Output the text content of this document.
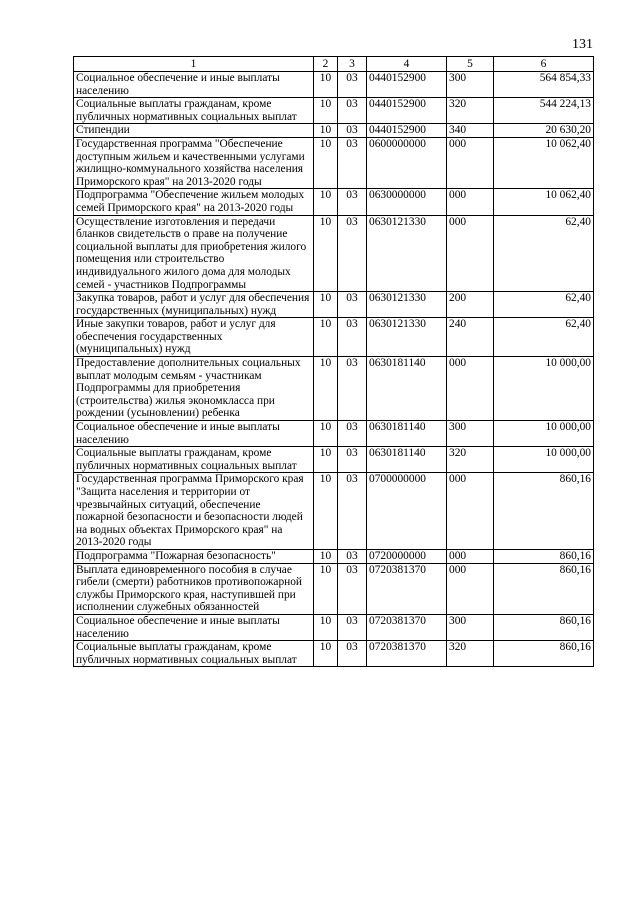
131
1	2	3	4	5	6
Социальное обеспечение и иные выплаты населению	10	03	0440152900	300	564 854,33
Социальные выплаты гражданам, кроме публичных нормативных социальных выплат	10	03	0440152900	320	544 224,13
Стипендии	10	03	0440152900	340	20 630,20
Государственная программа "Обеспечение доступным жильем и качественными услугами жилищно-коммунального хозяйства населения Приморского края" на 2013-2020 годы	10	03	0600000000	000	10 062,40
Подпрограмма "Обеспечение жильем молодых семей Приморского края" на 2013-2020 годы	10	03	0630000000	000	10 062,40
Осуществление изготовления и передачи бланков свидетельств о праве на получение социальной выплаты для приобретения жилого помещения или строительство индивидуального жилого дома для молодых семей - участников Подпрограммы	10	03	0630121330	000	62,40
Закупка товаров, работ и услуг для обеспечения государственных (муниципальных) нужд	10	03	0630121330	200	62,40
Иные закупки товаров, работ и услуг для обеспечения государственных (муниципальных) нужд	10	03	0630121330	240	62,40
Предоставление дополнительных социальных выплат молодым семьям - участникам Подпрограммы для приобретения (строительства) жилья экономкласса при рождении (усыновлении) ребенка	10	03	0630181140	000	10 000,00
Социальное обеспечение и иные выплаты населению	10	03	0630181140	300	10 000,00
Социальные выплаты гражданам, кроме публичных нормативных социальных выплат	10	03	0630181140	320	10 000,00
Государственная программа Приморского края "Защита населения и территории от чрезвычайных ситуаций, обеспечение пожарной безопасности и безопасности людей на водных объектах Приморского края" на 2013-2020 годы	10	03	0700000000	000	860,16
Подпрограмма "Пожарная безопасность"	10	03	0720000000	000	860,16
Выплата единовременного пособия в случае гибели (смерти) работников противопожарной службы Приморского края, наступившей при исполнении служебных обязанностей	10	03	0720381370	000	860,16
Социальное обеспечение и иные выплаты населению	10	03	0720381370	300	860,16
Социальные выплаты гражданам, кроме публичных нормативных социальных выплат	10	03	0720381370	320	860,16
